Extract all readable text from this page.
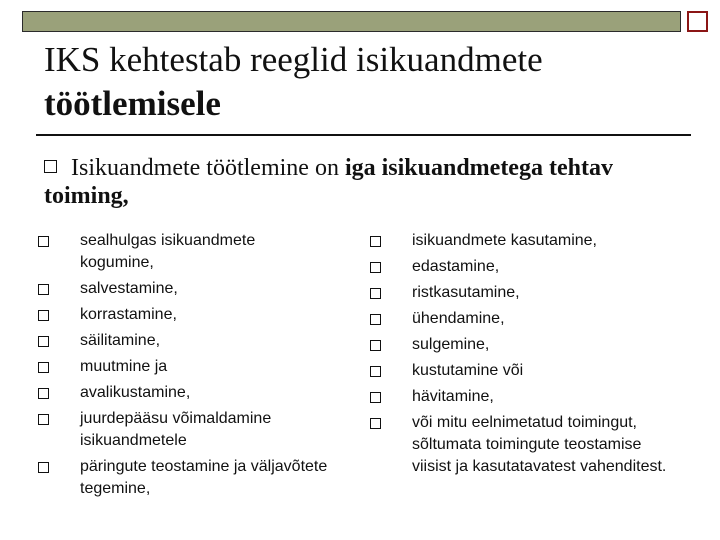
IKS kehtestab reeglid isikuandmete
töötlemisele
Isikuandmete töötlemine on iga isikuandmetega tehtav toiming,
sealhulgas isikuandmete kogumine,
salvestamine,
korrastamine,
säilitamine,
muutmine ja
avalikustamine,
juurdepääsu võimaldamine isikuandmetele
päringute teostamine ja väljavõtete tegemine,
isikuandmete kasutamine,
edastamine,
ristkasutamine,
ühendamine,
sulgemine,
kustutamine või
hävitamine,
või mitu eelnimetatud toimingut, sõltumata toimingute teostamise viisist ja kasutatavatest vahenditest.
